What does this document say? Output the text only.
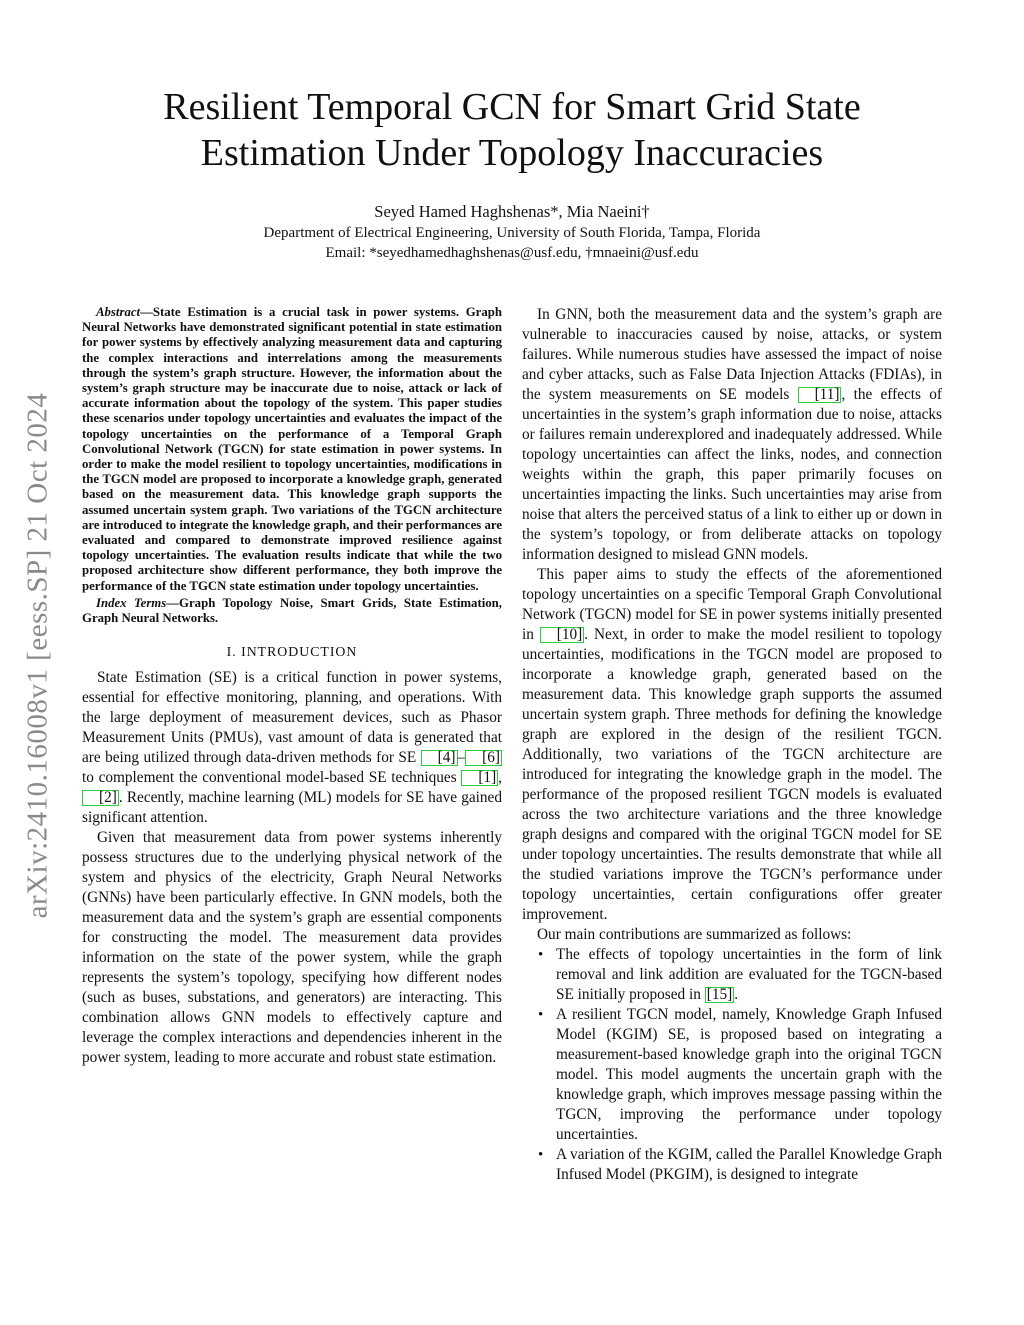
arXiv:2410.16008v1 [eess.SP] 21 Oct 2024
Resilient Temporal GCN for Smart Grid State
Estimation Under Topology Inaccuracies
Seyed Hamed Haghshenas*, Mia Naeini†
Department of Electrical Engineering, University of South Florida, Tampa, Florida
Email: *seyedhamedhaghshenas@usf.edu, †mnaeini@usf.edu

Abstract—State Estimation is a crucial task in power systems. Graph Neural Networks have demonstrated significant potential in state estimation for power systems by effectively analyzing measurement data and capturing the complex interactions and interrelations among the measurements through the system’s graph structure. However, the information about the system’s graph structure may be inaccurate due to noise, attack or lack of accurate information about the topology of the system. This paper studies these scenarios under topology uncertainties and evaluates the impact of the topology uncertainties on the performance of a Temporal Graph Convolutional Network (TGCN) for state estimation in power systems. In order to make the model resilient to topology uncertainties, modifications in the TGCN model are proposed to incorporate a knowledge graph, generated based on the measurement data. This knowledge graph supports the assumed uncertain system graph. Two variations of the TGCN architecture are introduced to integrate the knowledge graph, and their performances are evaluated and compared to demonstrate improved resilience against topology uncertainties. The evaluation results indicate that while the two proposed architecture show different performance, they both improve the performance of the TGCN state estimation under topology uncertainties.

Index Terms—Graph Topology Noise, Smart Grids, State Estimation, Graph Neural Networks.

I. INTRODUCTION

State Estimation (SE) is a critical function in power systems, essential for effective monitoring, planning, and operations. With the large deployment of measurement devices, such as Phasor Measurement Units (PMUs), vast amount of data is generated that are being utilized through data-driven methods for SE [4] – [6] to complement the conventional model-based SE techniques [1] , [2] . Recently, machine learning (ML) models for SE have gained significant attention.

Given that measurement data from power systems inherently possess structures due to the underlying physical network of the system and physics of the electricity, Graph Neural Networks (GNNs) have been particularly effective. In GNN models, both the measurement data and the system’s graph are essential components for constructing the model. The measurement data provides information on the state of the power system, while the graph represents the system’s topology, specifying how different nodes (such as buses, substations, and generators) are interacting. This combination allows GNN models to effectively capture and leverage the complex interactions and dependencies inherent in the power system, leading to more accurate and robust state estimation.

In GNN, both the measurement data and the system’s graph are vulnerable to inaccuracies caused by noise, attacks, or system failures. While numerous studies have assessed the impact of noise and cyber attacks, such as False Data Injection Attacks (FDIAs), in the system measurements on SE models [11] , the effects of uncertainties in the system’s graph information due to noise, attacks or failures remain underexplored and inadequately addressed. While topology uncertainties can affect the links, nodes, and connection weights within the graph, this paper primarily focuses on uncertainties impacting the links. Such uncertainties may arise from noise that alters the perceived status of a link to either up or down in the system’s topology, or from deliberate attacks on topology information designed to mislead GNN models.

This paper aims to study the effects of the aforementioned topology uncertainties on a specific Temporal Graph Convolutional Network (TGCN) model for SE in power systems initially presented in [10] . Next, in order to make the model resilient to topology uncertainties, modifications in the TGCN model are proposed to incorporate a knowledge graph, generated based on the measurement data. This knowledge graph supports the assumed uncertain system graph. Three methods for defining the knowledge graph are explored in the design of the resilient TGCN. Additionally, two variations of the TGCN architecture are introduced for integrating the knowledge graph in the model. The performance of the proposed resilient TGCN models is evaluated across the two architecture variations and the three knowledge graph designs and compared with the original TGCN model for SE under topology uncertainties. The results demonstrate that while all the studied variations improve the TGCN’s performance under topology uncertainties, certain configurations offer greater improvement.

Our main contributions are summarized as follows:

• The effects of topology uncertainties in the form of link removal and link addition are evaluated for the TGCN-based SE initially proposed in [15] .
• A resilient TGCN model, namely, Knowledge Graph Infused Model (KGIM) SE, is proposed based on integrating a measurement-based knowledge graph into the original TGCN model. This model augments the uncertain graph with the knowledge graph, which improves message passing within the TGCN, improving the performance under topology uncertainties.
• A variation of the KGIM, called the Parallel Knowledge Graph Infused Model (PKGIM), is designed to integrate
